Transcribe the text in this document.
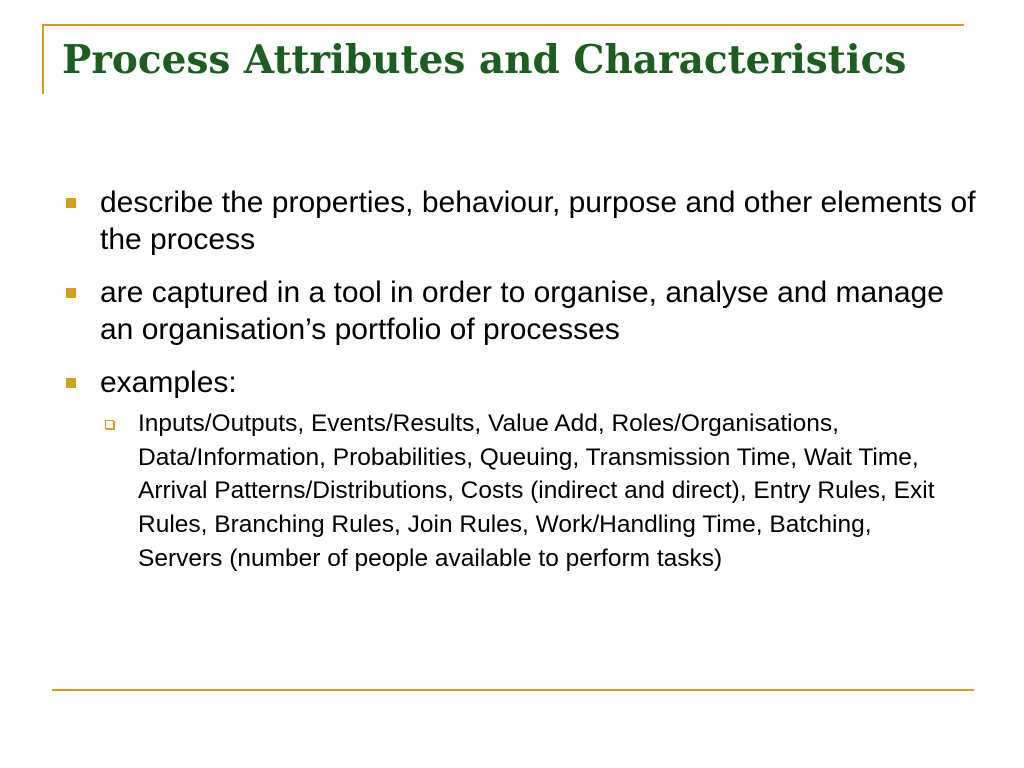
Process Attributes and Characteristics
describe the properties, behaviour, purpose and other elements of the process
are captured in a tool in order to organise, analyse and manage an organisation’s portfolio of processes
examples:
Inputs/Outputs, Events/Results, Value Add, Roles/Organisations, Data/Information, Probabilities, Queuing, Transmission Time, Wait Time, Arrival Patterns/Distributions, Costs (indirect and direct), Entry Rules, Exit Rules, Branching Rules, Join Rules, Work/Handling Time, Batching, Servers (number of people available to perform tasks)
